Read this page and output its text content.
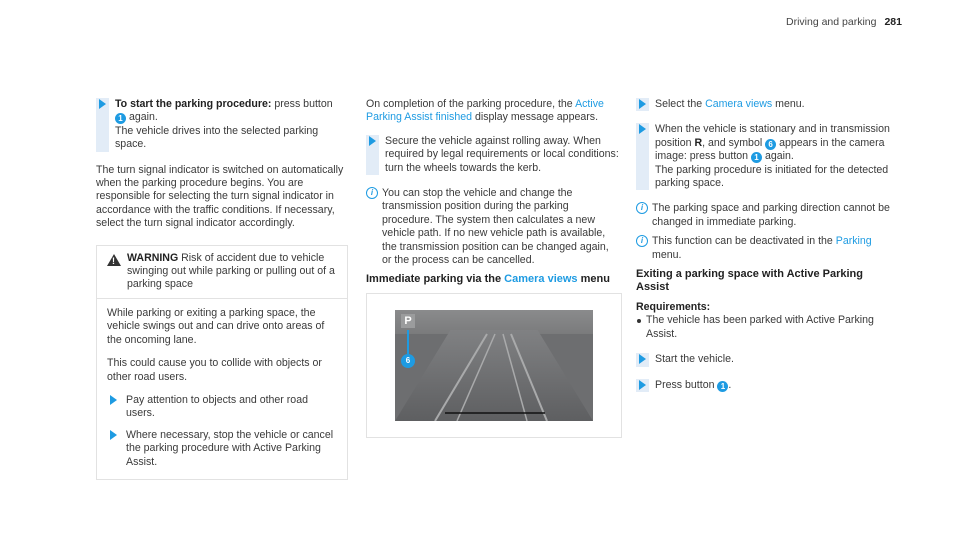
Driving and parking 281
To start the parking procedure: press button
1 again.
The vehicle drives into the selected parking space.

The turn signal indicator is switched on automatically when the parking procedure begins. You are responsible for selecting the turn signal indicator in accordance with the traffic conditions. If necessary, select the turn signal indicator accordingly.

!
WARNING Risk of accident due to vehicle swinging out while parking or pulling out of a parking space

While parking or exiting a parking space, the vehicle swings out and can drive onto areas of the oncoming lane.

This could cause you to collide with objects or other road users.

Pay attention to objects and other road users.
Where necessary, stop the vehicle or cancel the parking procedure with Active Parking Assist.

On completion of the parking procedure, the Active Parking Assist finished display message appears.

Secure the vehicle against rolling away. When required by legal requirements or local conditions: turn the wheels towards the kerb.
i You can stop the vehicle and change the transmission position during the parking procedure. The system then calculates a new vehicle path. If no new vehicle path is available, the transmission position can be changed again, or the process can be cancelled.
Immediate parking via the Camera views menu
P
6
Select the Camera views menu.
When the vehicle is stationary and in transmission position R, and symbol 6 appears in the camera image: press button 1 again.
The parking procedure is initiated for the detected parking space.
i The parking space and parking direction cannot be changed in immediate parking.
i This function can be deactivated in the Parking menu.
Exiting a parking space with Active Parking Assist
Requirements:
The vehicle has been parked with Active Parking Assist.
Start the vehicle.
Press button 1 .
